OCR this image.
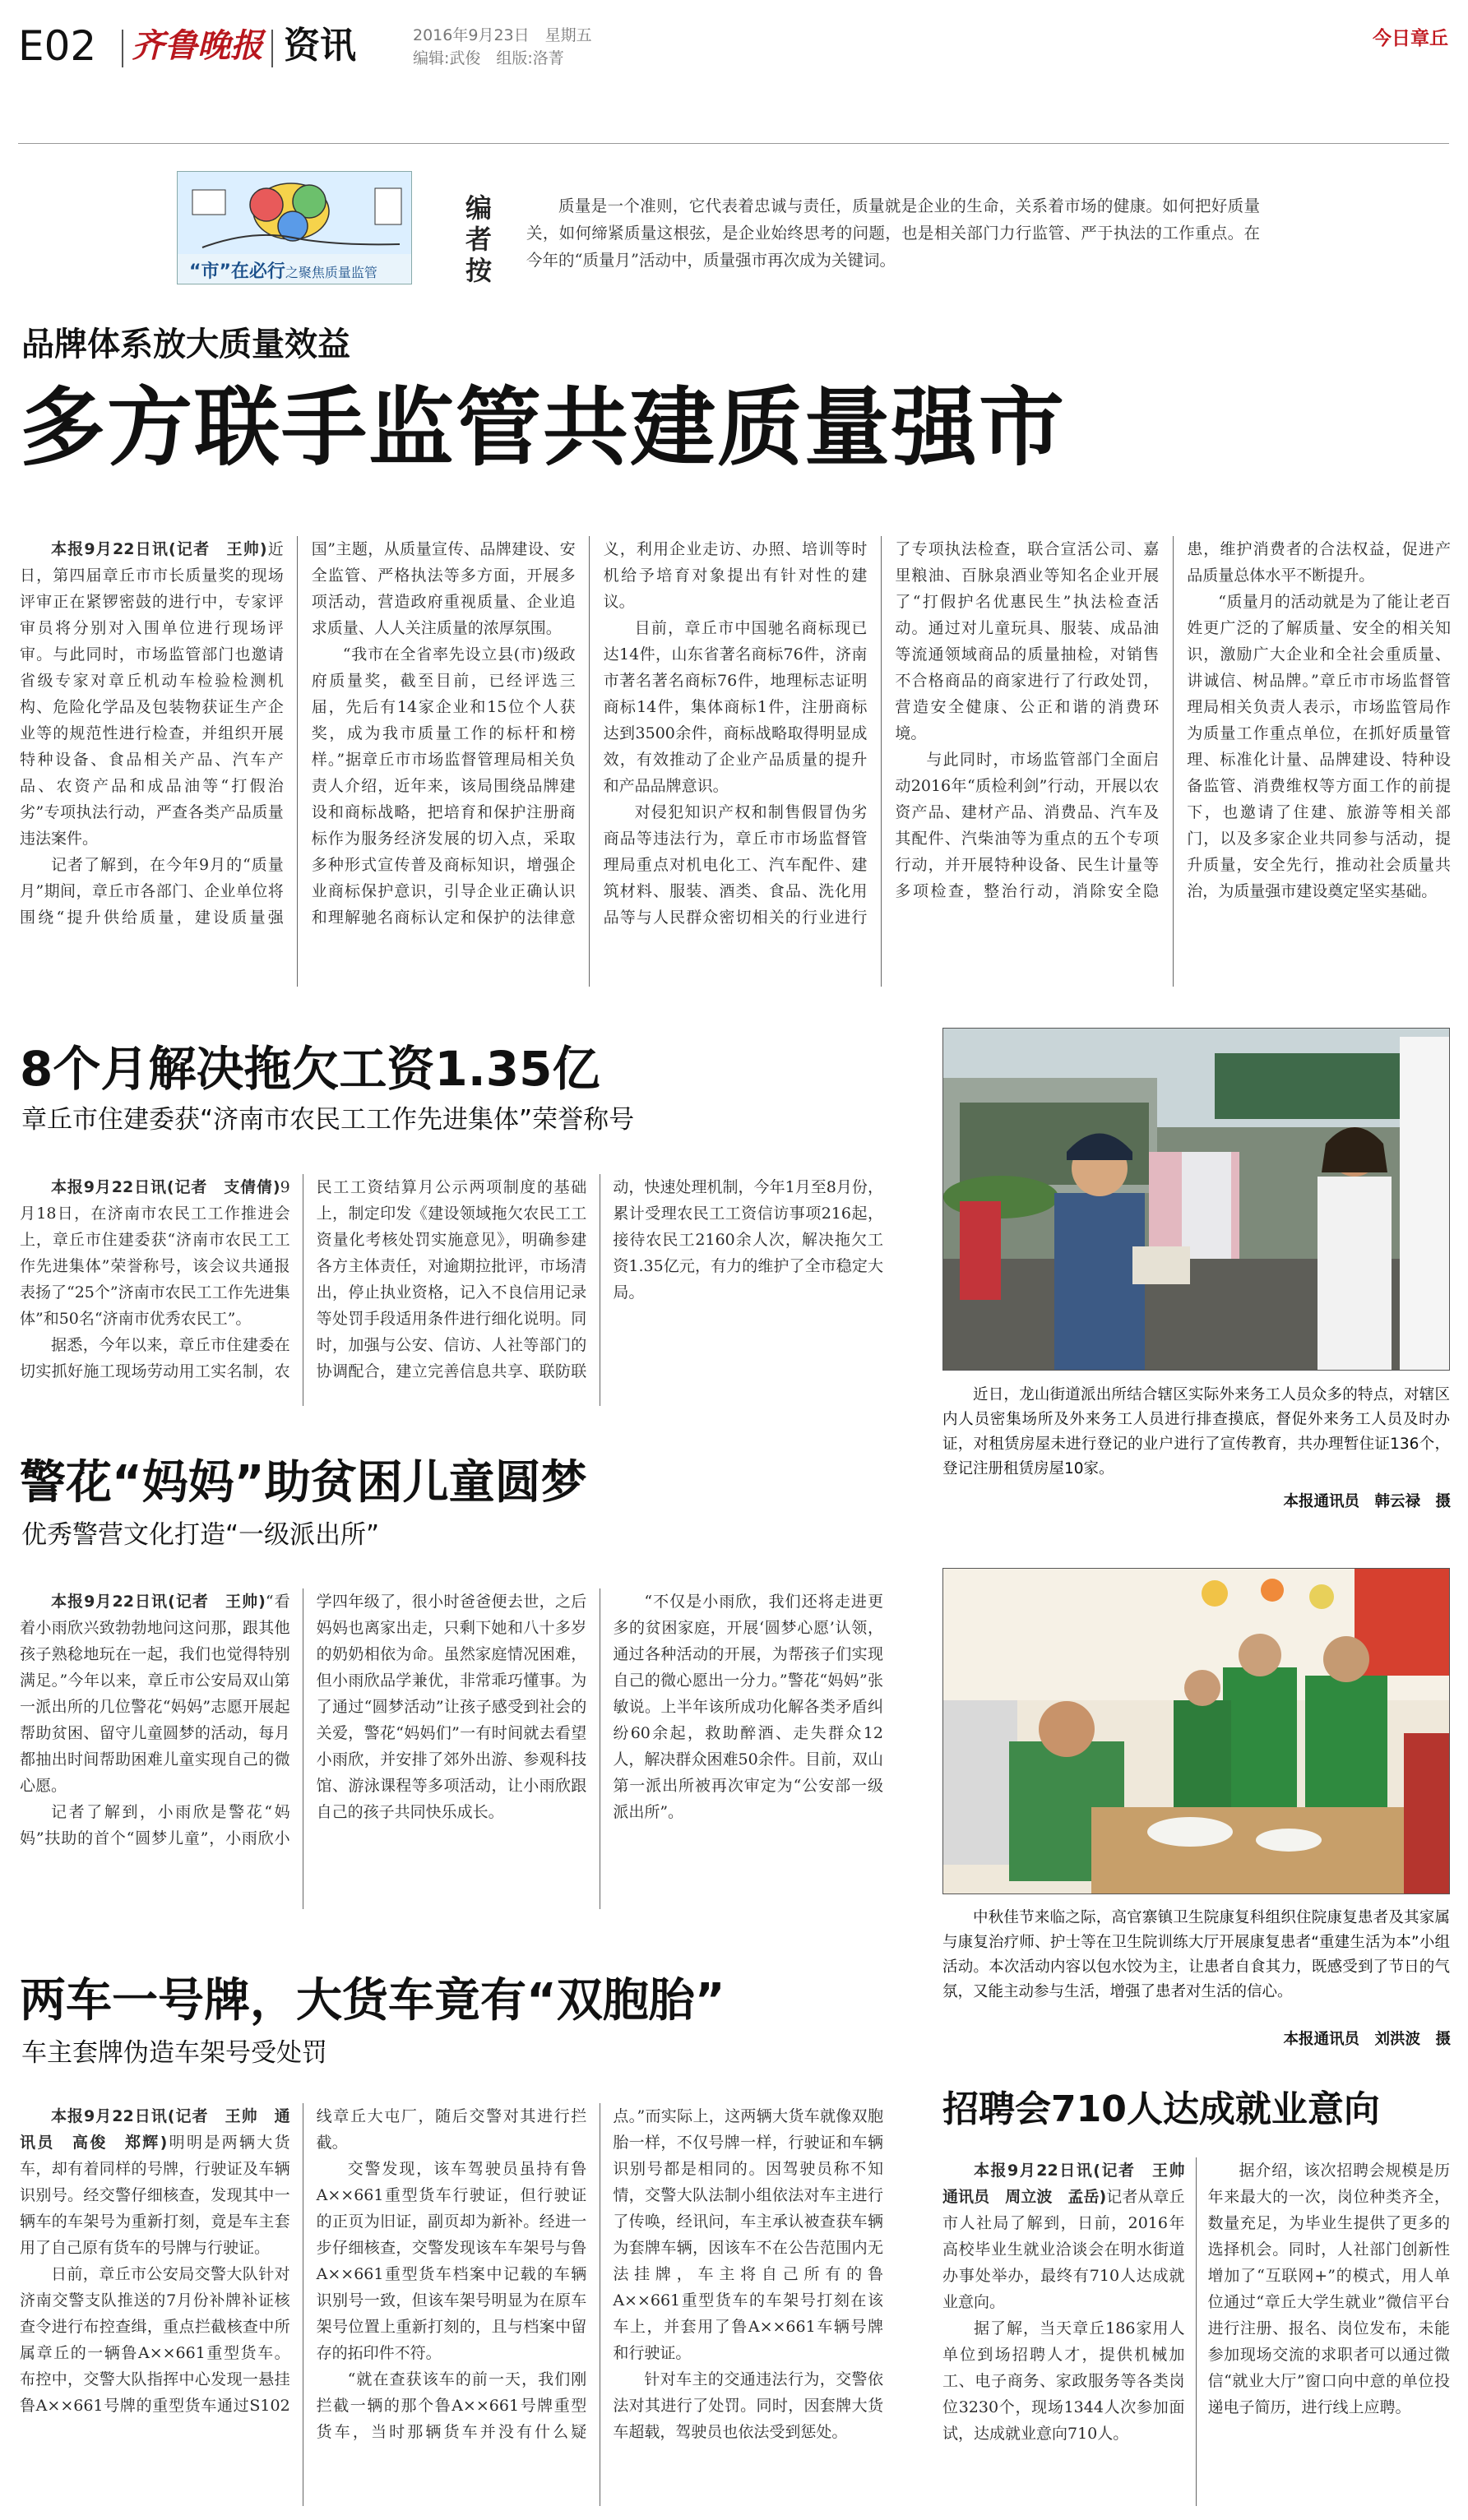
E02 齐鲁晚报 资讯	2016年9月23日　星期五
编辑:武俊　组版:洛菁
今日章丘
“市”在必行之聚焦质量监管
编者按

质量是一个准则，它代表着忠诚与责任，质量就是企业的生命，关系着市场的健康。如何把好质量关，如何缔紧质量这根弦，是企业始终思考的问题，也是相关部门力行监管、严于执法的工作重点。在今年的“质量月”活动中，质量强市再次成为关键词。

品牌体系放大质量效益
多方联手监管共建质量强市

本报9月22日讯(记者　王帅)近日，第四届章丘市市长质量奖的现场评审正在紧锣密鼓的进行中，专家评审员将分别对入围单位进行现场评审。与此同时，市场监管部门也邀请省级专家对章丘机动车检验检测机构、危险化学品及包装物获证生产企业等的规范性进行检查，并组织开展特种设备、食品相关产品、汽车产品、农资产品和成品油等“打假治劣”专项执法行动，严查各类产品质量违法案件。

记者了解到，在今年9月的“质量月”期间，章丘市各部门、企业单位将围绕“提升供给质量，建设质量强国”主题，从质量宣传、品牌建设、安全监管、严格执法等多方面，开展多项活动，营造政府重视质量、企业追求质量、人人关注质量的浓厚氛围。

“我市在全省率先设立县(市)级政府质量奖，截至目前，已经评选三届，先后有14家企业和15位个人获奖，成为我市质量工作的标杆和榜样。”据章丘市市场监督管理局相关负责人介绍，近年来，该局围绕品牌建设和商标战略，把培育和保护注册商标作为服务经济发展的切入点，采取多种形式宣传普及商标知识，增强企业商标保护意识，引导企业正确认识和理解驰名商标认定和保护的法律意义，利用企业走访、办照、培训等时机给予培育对象提出有针对性的建议。

目前，章丘市中国驰名商标现已达14件，山东省著名商标76件，济南市著名著名商标76件，地理标志证明商标14件，集体商标1件，注册商标达到3500余件，商标战略取得明显成效，有效推动了企业产品质量的提升和产品品牌意识。

对侵犯知识产权和制售假冒伪劣商品等违法行为，章丘市市场监督管理局重点对机电化工、汽车配件、建筑材料、服装、酒类、食品、洗化用品等与人民群众密切相关的行业进行了专项执法检查，联合宣活公司、嘉里粮油、百脉泉酒业等知名企业开展了“打假护名优惠民生”执法检查活动。通过对儿童玩具、服装、成品油等流通领域商品的质量抽检，对销售不合格商品的商家进行了行政处罚，营造安全健康、公正和谐的消费环境。

与此同时，市场监管部门全面启动2016年“质检利剑”行动，开展以农资产品、建材产品、消费品、汽车及其配件、汽柴油等为重点的五个专项行动，并开展特种设备、民生计量等多项检查，整治行动，消除安全隐患，维护消费者的合法权益，促进产品质量总体水平不断提升。

“质量月的活动就是为了能让老百姓更广泛的了解质量、安全的相关知识，激励广大企业和全社会重质量、讲诚信、树品牌。”章丘市市场监督管理局相关负责人表示，市场监管局作为质量工作重点单位，在抓好质量管理、标准化计量、品牌建设、特种设备监管、消费维权等方面工作的前提下，也邀请了住建、旅游等相关部门，以及多家企业共同参与活动，提升质量，安全先行，推动社会质量共治，为质量强市建设奠定坚实基础。

8个月解决拖欠工资1.35亿
章丘市住建委获“济南市农民工工作先进集体”荣誉称号

本报9月22日讯(记者　支倩倩)9月18日，在济南市农民工工作推进会上，章丘市住建委获“济南市农民工工作先进集体”荣誉称号，该会议共通报表扬了“25个”济南市农民工工作先进集体”和50名“济南市优秀农民工”。

据悉，今年以来，章丘市住建委在切实抓好施工现场劳动用工实名制，农民工工资结算月公示两项制度的基础上，制定印发《建设领域拖欠农民工工资量化考核处罚实施意见》，明确参建各方主体责任，对逾期拉批评，市场清出，停止执业资格，记入不良信用记录等处罚手段适用条件进行细化说明。同时，加强与公安、信访、人社等部门的协调配合，建立完善信息共享、联防联动，快速处理机制，今年1月至8月份，累计受理农民工工资信访事项216起，接待农民工2160余人次，解决拖欠工资1.35亿元，有力的维护了全市稳定大局。

近日，龙山街道派出所结合辖区实际外来务工人员众多的特点，对辖区内人员密集场所及外来务工人员进行排查摸底，督促外来务工人员及时办证，对租赁房屋未进行登记的业户进行了宣传教育，共办理暂住证136个，登记注册租赁房屋10家。

本报通讯员　韩云禄　摄
警花“妈妈”助贫困儿童圆梦
优秀警营文化打造“一级派出所”

本报9月22日讯(记者　王帅)“看着小雨欣兴致勃勃地问这问那，跟其他孩子熟稔地玩在一起，我们也觉得特别满足。”今年以来，章丘市公安局双山第一派出所的几位警花“妈妈”志愿开展起帮助贫困、留守儿童圆梦的活动，每月都抽出时间帮助困难儿童实现自己的微心愿。

记者了解到，小雨欣是警花“妈妈”扶助的首个“圆梦儿童”，小雨欣小学四年级了，很小时爸爸便去世，之后妈妈也离家出走，只剩下她和八十多岁的奶奶相依为命。虽然家庭情况困难，但小雨欣品学兼优，非常乖巧懂事。为了通过“圆梦活动”让孩子感受到社会的关爱，警花“妈妈们”一有时间就去看望小雨欣，并安排了郊外出游、参观科技馆、游泳课程等多项活动，让小雨欣跟自己的孩子共同快乐成长。

“不仅是小雨欣，我们还将走进更多的贫困家庭，开展‘圆梦心愿’认领，通过各种活动的开展，为帮孩子们实现自己的微心愿出一分力。”警花“妈妈”张敏说。上半年该所成功化解各类矛盾纠纷60余起，救助醉酒、走失群众12人，解决群众困难50余件。目前，双山第一派出所被再次审定为“公安部一级派出所”。

中秋佳节来临之际，高官寨镇卫生院康复科组织住院康复患者及其家属与康复治疗师、护士等在卫生院训练大厅开展康复患者“重建生活为本”小组活动。本次活动内容以包水饺为主，让患者自食其力，既感受到了节日的气氛，又能主动参与生活，增强了患者对生活的信心。

本报通讯员　刘洪波　摄
两车一号牌，大货车竟有“双胞胎”
车主套牌伪造车架号受处罚

本报9月22日讯(记者　王帅　通讯员　高俊　郑辉)明明是两辆大货车，却有着同样的号牌，行驶证及车辆识别号。经交警仔细核查，发现其中一辆车的车架号为重新打刻，竟是车主套用了自己原有货车的号牌与行驶证。

日前，章丘市公安局交警大队针对济南交警支队推送的7月份补牌补证核查令进行布控查缉，重点拦截核查中所属章丘的一辆鲁A××661重型货车。布控中，交警大队指挥中心发现一悬挂鲁A××661号牌的重型货车通过S102线章丘大屯厂，随后交警对其进行拦截。

交警发现，该车驾驶员虽持有鲁A××661重型货车行驶证，但行驶证的正页为旧证，副页却为新补。经进一步仔细核查，交警发现该车车架号与鲁A××661重型货车档案中记载的车辆识别号一致，但该车架号明显为在原车架号位置上重新打刻的，且与档案中留存的拓印件不符。

“就在查获该车的前一天，我们刚拦截一辆的那个鲁A××661号牌重型货车，当时那辆货车并没有什么疑点。”而实际上，这两辆大货车就像双胞胎一样，不仅号牌一样，行驶证和车辆识别号都是相同的。因驾驶员称不知情，交警大队法制小组依法对车主进行了传唤，经讯问，车主承认被查获车辆为套牌车辆，因该车不在公告范围内无法挂牌，车主将自己所有的鲁A××661重型货车的车架号打刻在该车上，并套用了鲁A××661车辆号牌和行驶证。

针对车主的交通违法行为，交警依法对其进行了处罚。同时，因套牌大货车超载，驾驶员也依法受到惩处。

招聘会710人达成就业意向

本报9月22日讯(记者　王帅　通讯员　周立波　孟岳)记者从章丘市人社局了解到，日前，2016年高校毕业生就业洽谈会在明水街道办事处举办，最终有710人达成就业意向。

据了解，当天章丘186家用人单位到场招聘人才，提供机械加工、电子商务、家政服务等各类岗位3230个，现场1344人次参加面试，达成就业意向710人。

据介绍，该次招聘会规模是历年来最大的一次，岗位种类齐全，数量充足，为毕业生提供了更多的选择机会。同时，人社部门创新性增加了“互联网+”的模式，用人单位通过“章丘大学生就业”微信平台进行注册、报名、岗位发布，未能参加现场交流的求职者可以通过微信“就业大厅”窗口向中意的单位投递电子简历，进行线上应聘。
